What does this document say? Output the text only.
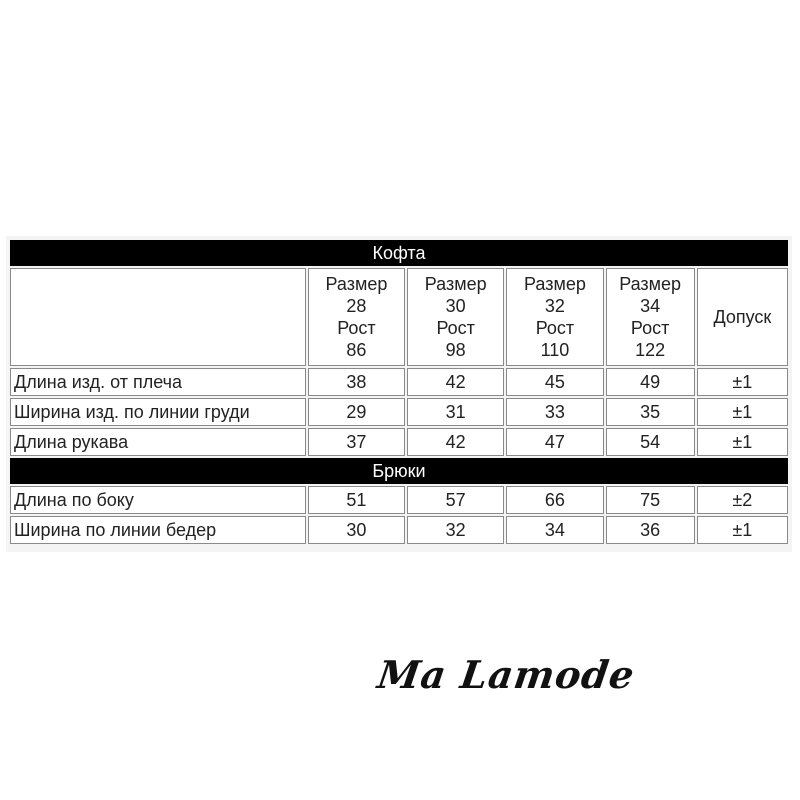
Кофта					
	Размер
28
Рост
86	Размер
30
Рост
98	Размер
32
Рост
110	Размер
34
Рост
122	Допуск
Длина изд. от плеча	38	42	45	49	±1
Ширина изд. по линии груди	29	31	33	35	±1
Длина рукава	37	42	47	54	±1
Брюки					
Длина по боку	51	57	66	75	±2
Ширина по линии бедер	30	32	34	36	±1
Ma Lamode
